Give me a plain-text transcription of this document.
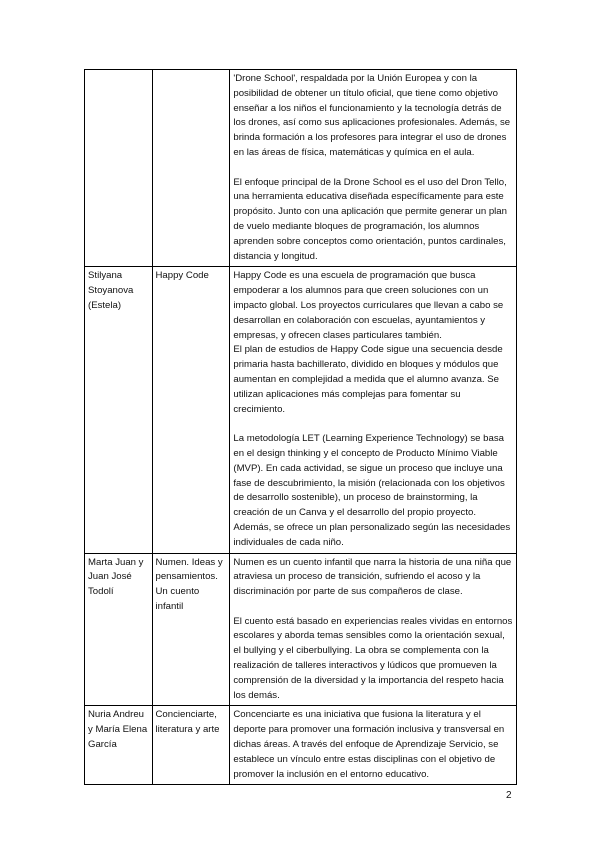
		'Drone School', respaldada por la Unión Europea y con la posibilidad de obtener un título oficial, que tiene como objetivo enseñar a los niños el funcionamiento y la tecnología detrás de los drones, así como sus aplicaciones profesionales. Además, se brinda formación a los profesores para integrar el uso de drones en las áreas de física, matemáticas y química en el aula.

El enfoque principal de la Drone School es el uso del Dron Tello, una herramienta educativa diseñada específicamente para este propósito. Junto con una aplicación que permite generar un plan de vuelo mediante bloques de programación, los alumnos aprenden sobre conceptos como orientación, puntos cardinales, distancia y longitud.

Stilyana Stoyanova (Estela)	Happy Code	Happy Code es una escuela de programación que busca empoderar a los alumnos para que creen soluciones con un impacto global. Los proyectos curriculares que llevan a cabo se desarrollan en colaboración con escuelas, ayuntamientos y empresas, y ofrecen clases particulares también.

El plan de estudios de Happy Code sigue una secuencia desde primaria hasta bachillerato, dividido en bloques y módulos que aumentan en complejidad a medida que el alumno avanza. Se utilizan aplicaciones más complejas para fomentar su crecimiento.

La metodología LET (Learning Experience Technology) se basa en el design thinking y el concepto de Producto Mínimo Viable (MVP). En cada actividad, se sigue un proceso que incluye una fase de descubrimiento, la misión (relacionada con los objetivos de desarrollo sostenible), un proceso de brainstorming, la creación de un Canva y el desarrollo del propio proyecto. Además, se ofrece un plan personalizado según las necesidades individuales de cada niño.

Marta Juan y Juan José Todolí	Numen. Ideas y pensamientos. Un cuento infantil	Numen es un cuento infantil que narra la historia de una niña que atraviesa un proceso de transición, sufriendo el acoso y la discriminación por parte de sus compañeros de clase.

El cuento está basado en experiencias reales vividas en entornos escolares y aborda temas sensibles como la orientación sexual, el bullying y el ciberbullying. La obra se complementa con la realización de talleres interactivos y lúdicos que promueven la comprensión de la diversidad y la importancia del respeto hacia los demás.

Nuria Andreu y María Elena García	Concienciarte, literatura y arte	Concenciarte es una iniciativa que fusiona la literatura y el deporte para promover una formación inclusiva y transversal en dichas áreas. A través del enfoque de Aprendizaje Servicio, se establece un vínculo entre estas disciplinas con el objetivo de promover la inclusión en el entorno educativo.

2
